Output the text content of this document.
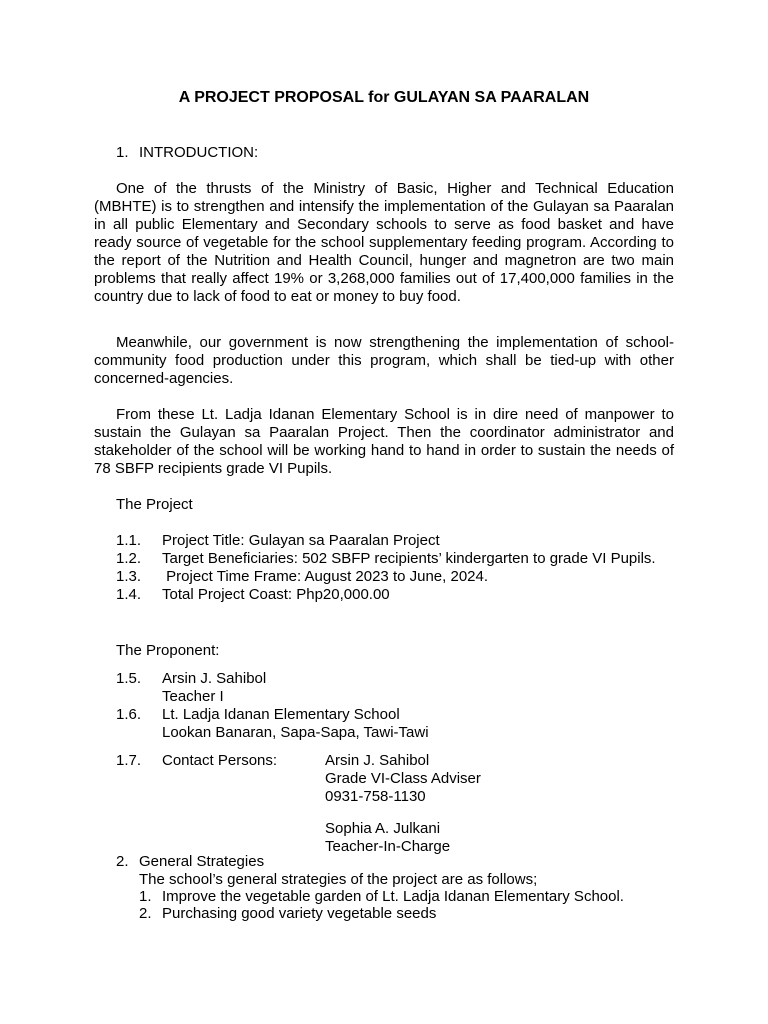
A PROJECT PROPOSAL for GULAYAN SA PAARALAN
1. INTRODUCTION:
One of the thrusts of the Ministry of Basic, Higher and Technical Education (MBHTE) is to strengthen and intensify the implementation of the Gulayan sa Paaralan in all public Elementary and Secondary schools to serve as food basket and have ready source of vegetable for the school supplementary feeding program. According to the report of the Nutrition and Health Council, hunger and magnetron are two main problems that really affect 19% or 3,268,000 families out of 17,400,000 families in the country due to lack of food to eat or money to buy food.
Meanwhile, our government is now strengthening the implementation of school-community food production under this program, which shall be tied-up with other concerned-agencies.
From these Lt. Ladja Idanan Elementary School is in dire need of manpower to sustain the Gulayan sa Paaralan Project. Then the coordinator administrator and stakeholder of the school will be working hand to hand in order to sustain the needs of 78 SBFP recipients grade VI Pupils.
The Project
1.1. Project Title: Gulayan sa Paaralan Project
1.2. Target Beneficiaries: 502 SBFP recipients’ kindergarten to grade VI Pupils.
1.3. Project Time Frame: August 2023 to June, 2024.
1.4. Total Project Coast: Php20,000.00
The Proponent:
1.5. Arsin J. Sahibol
Teacher I
1.6. Lt. Ladja Idanan Elementary School
Lookan Banaran, Sapa-Sapa, Tawi-Tawi
1.7. Contact Persons:	Arsin J. Sahibol
Grade VI-Class Adviser
0931-758-1130
Sophia A. Julkani
Teacher-In-Charge
2. General Strategies
The school’s general strategies of the project are as follows;
1. Improve the vegetable garden of Lt. Ladja Idanan Elementary School.
2. Purchasing good variety vegetable seeds
